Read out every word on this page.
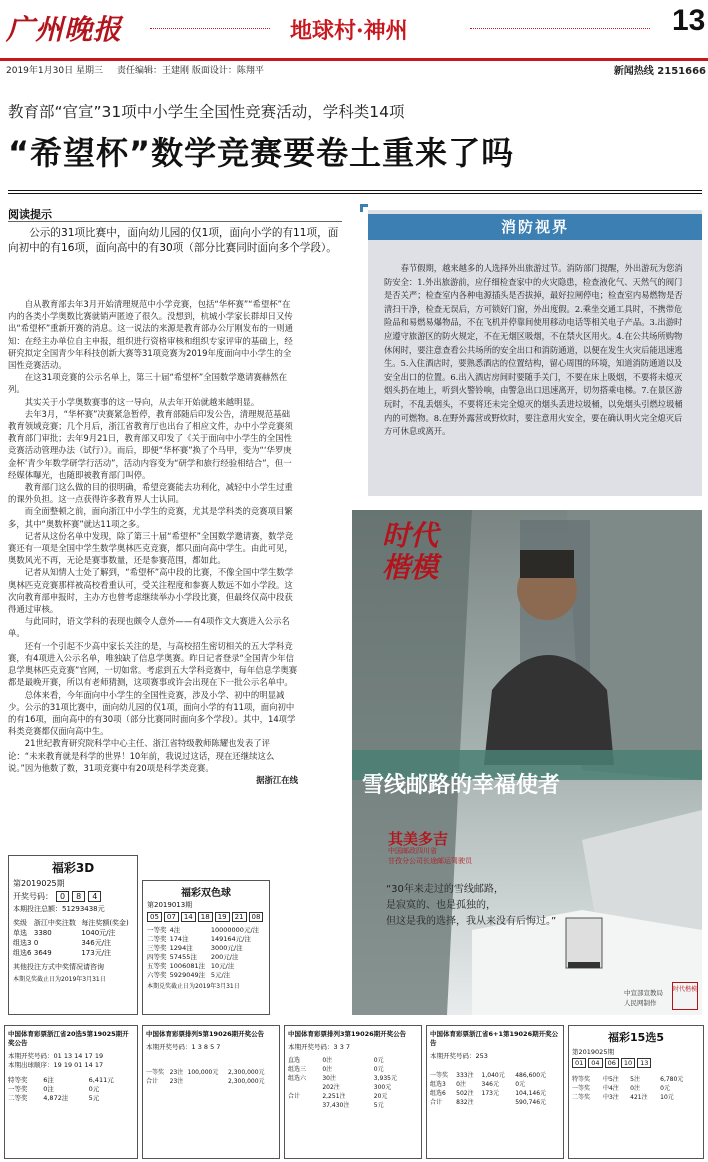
广州晚报	地球村·神州	13
2019年1月30日 星期三 责任编辑：王建刚 版面设计：陈翔平	新闻热线 2151666
教育部“官宣”31项中小学生全国性竞赛活动，学科类14项
“希望杯”数学竞赛要卷土重来了吗
阅读提示
公示的31项比赛中，面向幼儿园的仅1项，面向小学的有11项，面向初中的有16项，面向高中的有30项（部分比赛同时面向多个学段）。

自从教育部去年3月开始清理规范中小学竞赛，包括“华杯赛”“希望杯”在内的各类小学奥数比赛就销声匿迹了很久。没想到，杭城小学家长群却日又传出“希望杯”重新开赛的消息。这一说法的来源是教育部办公厅刚发布的一则通知：在经主办单位自主申报，组织进行资格审核和组织专家评审的基础上，经研究拟定全国青少年科技创新大赛等31项竞赛为2019年度面向中小学生的全国性竞赛活动。

在这31项竞赛的公示名单上，第三十届“希望杯”全国数学邀请赛赫然在列。

其实关于小学奥数赛事的这一导向，从去年开始就越来越明显。

去年3月，“华杯赛”决赛紧急暂停，教育部随后印发公告，清理规范基础教育领域竞赛；几个月后，浙江省教育厅也出台了相应文件，办中小学竞赛须教育部门审批；去年9月21日，教育部又印发了《关于面向中小学生的全国性竞赛活动管理办法（试行）》。而后，即便“华杯赛”换了个马甲，变为“‘华罗庚金杯’青少年数学研学行活动”，活动内容变为“研学和旅行经验相结合”，但一经媒体曝光，也随即被教育部门叫停。

教育部门这么做的目的很明确，希望竞赛能去功利化，减轻中小学生过重的课外负担。这一点获得许多教育界人士认同。

而全面整顿之前，面向浙江中小学生的竞赛，尤其是学科类的竞赛项目繁多，其中“奥数杯赛”就达11项之多。

记者从这份名单中发现，除了第三十届“希望杯”全国数学邀请赛，数学竞赛还有一项是全国中学生数学奥林匹克竞赛，都只面向高中学生。由此可见，奥数风光不再，无论是赛事数量，还是参赛范围，都如此。

记者从知情人士处了解到，“希望杯”高中段的比赛，不像全国中学生数学奥林匹克竞赛那样被高校看重认可，受关注程度和参赛人数远不如小学段。这次向教育部申报时，主办方也曾考虑继续举办小学段比赛，但最终仅高中段获得通过审核。

与此同时，语文学科的表现也颇令人意外——有4项作文大赛进入公示名单。

还有一个引起不少高中家长关注的是，与高校招生密切相关的五大学科竞赛，有4项进入公示名单，唯独缺了信息学奥赛。昨日记者登录“全国青少年信息学奥林匹克竞赛”官网，一切如常。考虑到五大学科竞赛中，每年信息学奥赛都是最晚开赛，所以有老师猜测，这项赛事或许会出现在下一批公示名单中。

总体来看，今年面向中小学生的全国性竞赛，涉及小学、初中的明显减少。公示的31项比赛中，面向幼儿园的仅1项，面向小学的有11项，面向初中的有16项，面向高中的有30项（部分比赛同时面向多个学段）。其中，14项学科类竞赛都仅面向高中生。

21世纪教育研究院科学中心主任、浙江省特级教师陈耀也发表了评论：“未来教育就是科学的世界！10年前，我说过这话，现在还继续这么说。”因为他数了数，31项竞赛中有20项是科学类竞赛。

据浙江在线
消防视界
春节假期，越来越多的人选择外出旅游过节。消防部门提醒，外出游玩为您消防安全：1.外出旅游前，应仔细检查家中的火灾隐患，检查液化气、天然气的阀门是否关严；检查室内各种电源插头是否拔掉，最好拉闸停电；检查室内易燃物是否清扫干净，检查无误后，方可锁好门窗，外出度假。2.乘坐交通工具时，不携带危险品和易燃易爆物品，不在飞机并停靠间使用移动电话等相关电子产品。3.出游时应遵守旅游区的防火规定，不在无烟区吸烟，不在禁火区用火。4.在公共场所购物休闲时，要注意查看公共场所的安全出口和消防通道，以便在发生火灾后能迅速逃生。5.入住酒店时，要熟悉酒店的位置结构，留心周围的环境，知道消防通道以及安全出口的位置。6.出入酒店房间时要随手关门，不要在床上吸烟，不要将未熄灭烟头扔在地上，听到火警铃响，由警急出口迅速离开，切勿搭乘电梯。7.在景区游玩时，不乱丢烟头，不要将还未完全熄灭的烟头丢进垃圾桶，以免烟头引燃垃圾桶内的可燃物。8.在野外露营或野炊时，要注意用火安全，要在确认明火完全熄灭后方可休息或离开。
时代楷模
雪线邮路的幸福使者
其美多吉
中国邮政四川省
甘孜分公司长途邮运驾驶员
“30年来走过的雪线邮路，
是寂寞的、也是孤独的，
但这是我的选择，我从来没有后悔过。”
中宣部宣教局
人民网制作
时代楷模
福彩3D
第2019025期
开奖号码： 0	8	4
本期投注总额：51293438元
奖级	浙江中奖注数	每注奖额(奖金)
单选	3380	1040元/注
组选3	0	346元/注
组选6	3649	173元/注
其他投注方式中奖情况请咨询
本期兑奖截止日为2019年3月31日
福彩双色球
第2019013期
05	07	14	18	19	21	08
一等奖	4注	10000000元/注
二等奖	174注	149164元/注
三等奖	1294注	3000元/注
四等奖	57455注	200元/注
五等奖	1006081注	10元/注
六等奖	5929049注	5元/注
本期兑奖截止日为2019年3月31日
中国体育彩票浙江省20选5第19025期开奖公告
本期开奖号码：01 13 14 17 19
本期出球顺序：19 19 01 14 17
特等奖	6注	6,411元
一等奖	0注	0元
二等奖	4,872注	5元
中国体育彩票排列5第19026期开奖公告
本期开奖号码：1 3 8 5 7
一等奖	23注	100,000元	2,300,000元
合计	23注		2,300,000元
中国体育彩票排列3第19026期开奖公告
本期开奖号码：3 3 7
直选	0注	0元
组选三	0注	0元
组选六	30注	3,935元
	202注	300元
合计	2,251注	20元
	37,430注	5元
中国体育彩票浙江省6+1第19026期开奖公告
本期开奖号码：253
一等奖	333注	1,040元	486,600元
组选3	0注	346元	0元
组选6	502注	173元	104,146元
合计	832注		590,746元
福彩15选5
第2019025期
01	04	06	10	13
特等奖	中5注	5注	6,780元
一等奖	中4注	0注	0元
二等奖	中3注	421注	10元
